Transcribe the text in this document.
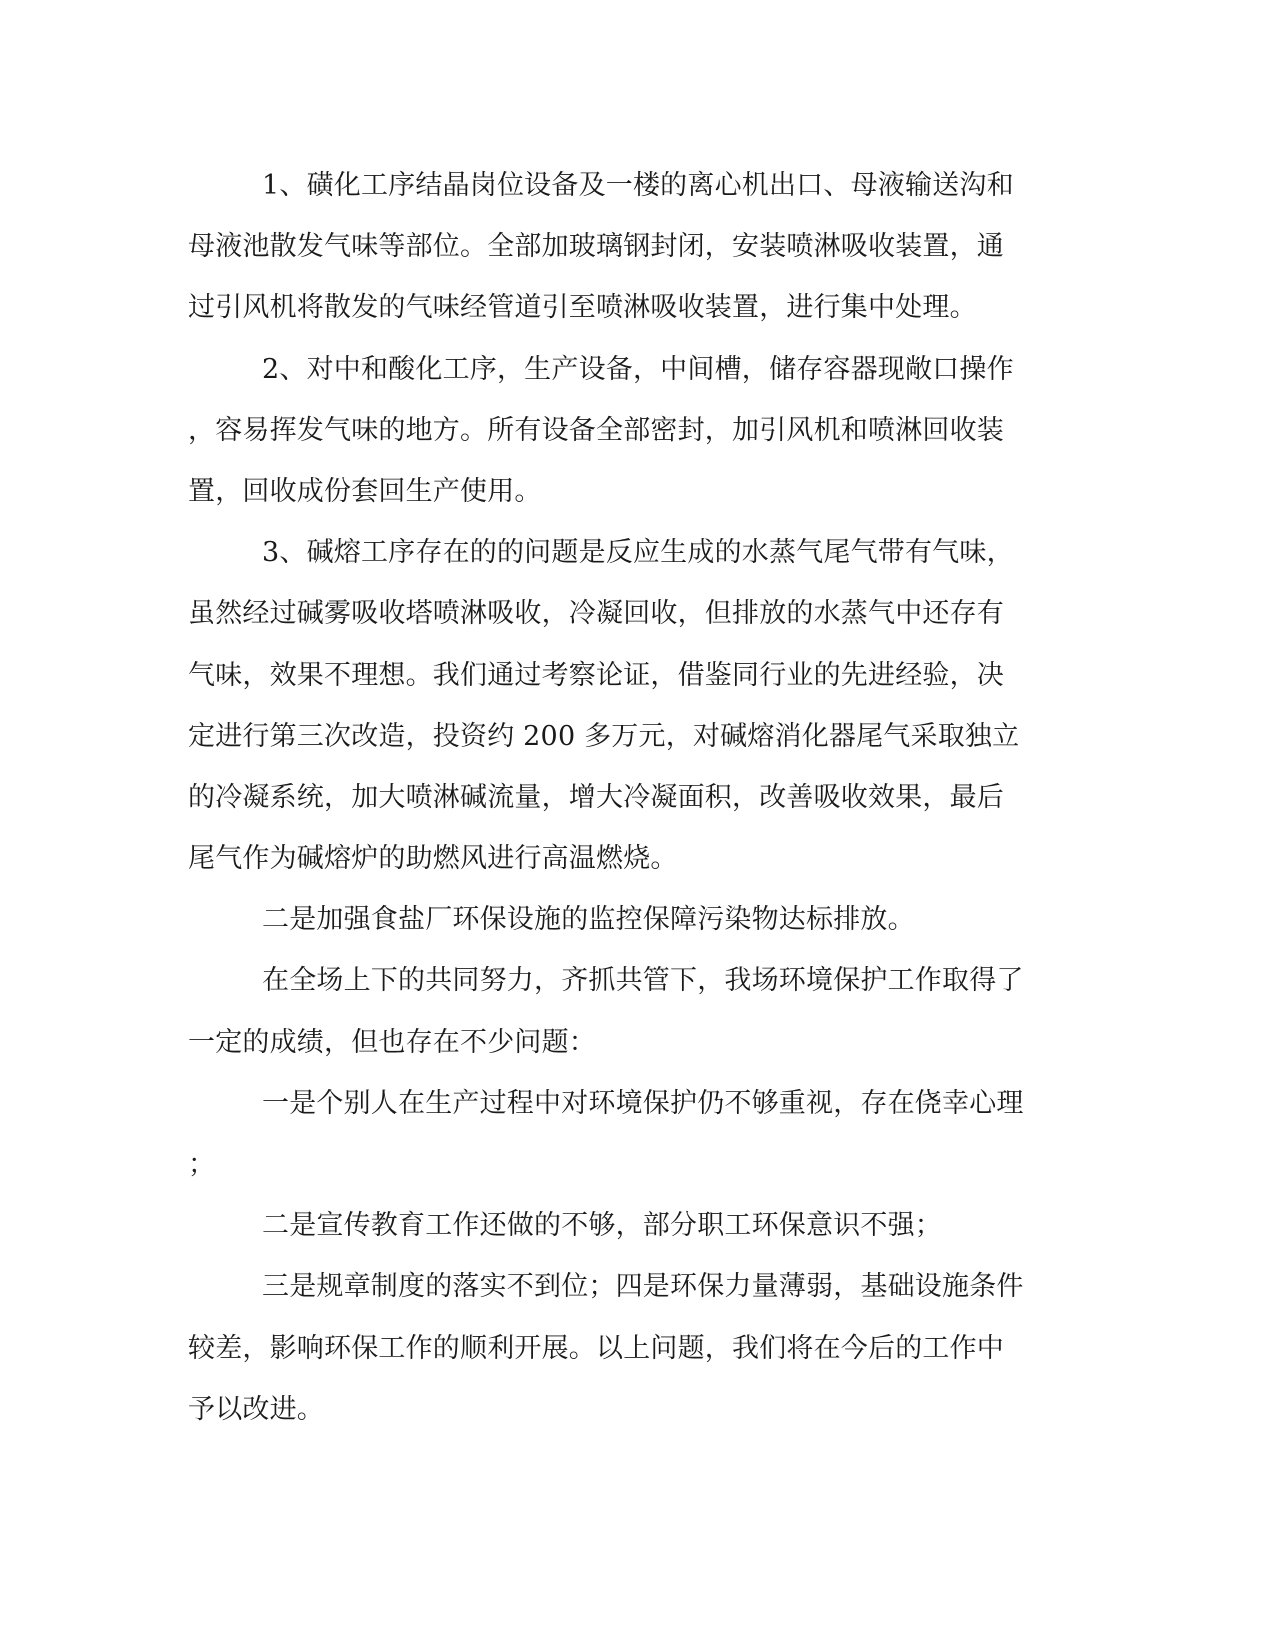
1、磺化工序结晶岗位设备及一楼的离心机出口、母液输送沟和
母液池散发气味等部位。全部加玻璃钢封闭，安装喷淋吸收装置，通
过引风机将散发的气味经管道引至喷淋吸收装置，进行集中处理。
2、对中和酸化工序，生产设备，中间槽，储存容器现敞口操作
，容易挥发气味的地方。所有设备全部密封，加引风机和喷淋回收装
置，回收成份套回生产使用。
3、碱熔工序存在的的问题是反应生成的水蒸气尾气带有气味，
虽然经过碱雾吸收塔喷淋吸收，冷凝回收，但排放的水蒸气中还存有
气味，效果不理想。我们通过考察论证，借鉴同行业的先进经验，决
定进行第三次改造，投资约 200 多万元，对碱熔消化器尾气采取独立
的冷凝系统，加大喷淋碱流量，增大冷凝面积，改善吸收效果，最后
尾气作为碱熔炉的助燃风进行高温燃烧。
二是加强食盐厂环保设施的监控保障污染物达标排放。
在全场上下的共同努力，齐抓共管下，我场环境保护工作取得了
一定的成绩，但也存在不少问题：
一是个别人在生产过程中对环境保护仍不够重视，存在侥幸心理
；
二是宣传教育工作还做的不够，部分职工环保意识不强；
三是规章制度的落实不到位；四是环保力量薄弱，基础设施条件
较差，影响环保工作的顺利开展。以上问题，我们将在今后的工作中
予以改进。
